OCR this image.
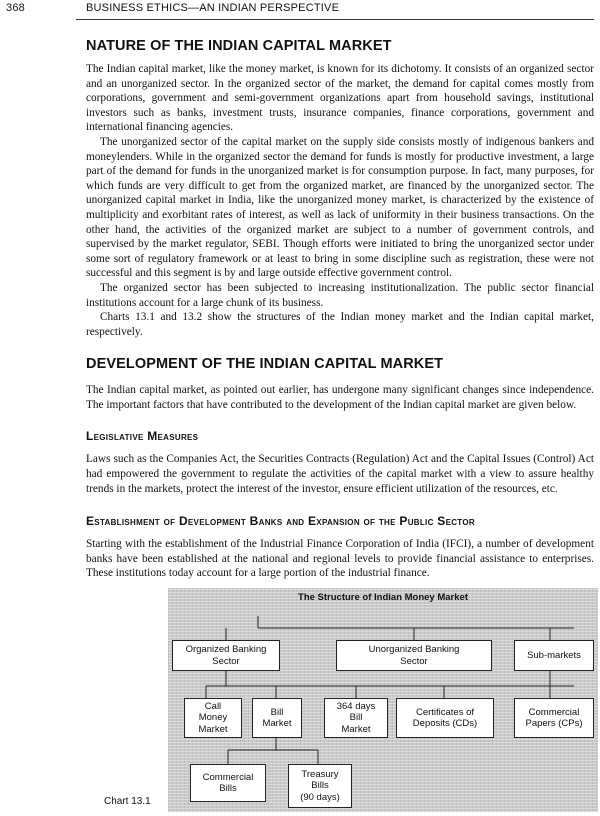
368	BUSINESS ETHICS—AN INDIAN PERSPECTIVE
NATURE OF THE INDIAN CAPITAL MARKET

The Indian capital market, like the money market, is known for its dichotomy. It consists of an organized sector and an unorganized sector. In the organized sector of the market, the demand for capital comes mostly from corporations, government and semi-government organizations apart from household savings, institutional investors such as banks, investment trusts, insurance companies, finance corporations, government and international financing agencies.

The unorganized sector of the capital market on the supply side consists mostly of indigenous bankers and moneylenders. While in the organized sector the demand for funds is mostly for productive investment, a large part of the demand for funds in the unorganized market is for consumption purpose. In fact, many purposes, for which funds are very difficult to get from the organized market, are financed by the unorganized sector. The unorganized capital market in India, like the unorganized money market, is characterized by the existence of multiplicity and exorbitant rates of interest, as well as lack of uniformity in their business transactions. On the other hand, the activities of the organized market are subject to a number of government controls, and supervised by the market regulator, SEBI. Though efforts were initiated to bring the unorganized sector under some sort of regulatory framework or at least to bring in some discipline such as registration, these were not successful and this segment is by and large outside effective government control.

The organized sector has been subjected to increasing institutionalization. The public sector financial institutions account for a large chunk of its business.

Charts 13.1 and 13.2 show the structures of the Indian money market and the Indian capital market, respectively.

DEVELOPMENT OF THE INDIAN CAPITAL MARKET

The Indian capital market, as pointed out earlier, has undergone many significant changes since independence. The important factors that have contributed to the development of the Indian capital market are given below.

Legislative Measures

Laws such as the Companies Act, the Securities Contracts (Regulation) Act and the Capital Issues (Control) Act had empowered the government to regulate the activities of the capital market with a view to assure healthy trends in the markets, protect the interest of the investor, ensure efficient utilization of the resources, etc.

Establishment of Development Banks and Expansion of the Public Sector

Starting with the establishment of the Industrial Finance Corporation of India (IFCI), a number of development banks have been established at the national and regional levels to provide financial assistance to enterprises. These institutions today account for a large portion of the industrial finance.

The Structure of Indian Money Market
Organized Banking
Sector
Unorganized Banking
Sector
Sub-markets
Call
Money
Market
Bill
Market
364 days
Bill
Market
Certificates of
Deposits (CDs)
Commercial
Papers (CPs)
Commercial
Bills
Treasury
Bills
(90 days)
Chart 13.1
